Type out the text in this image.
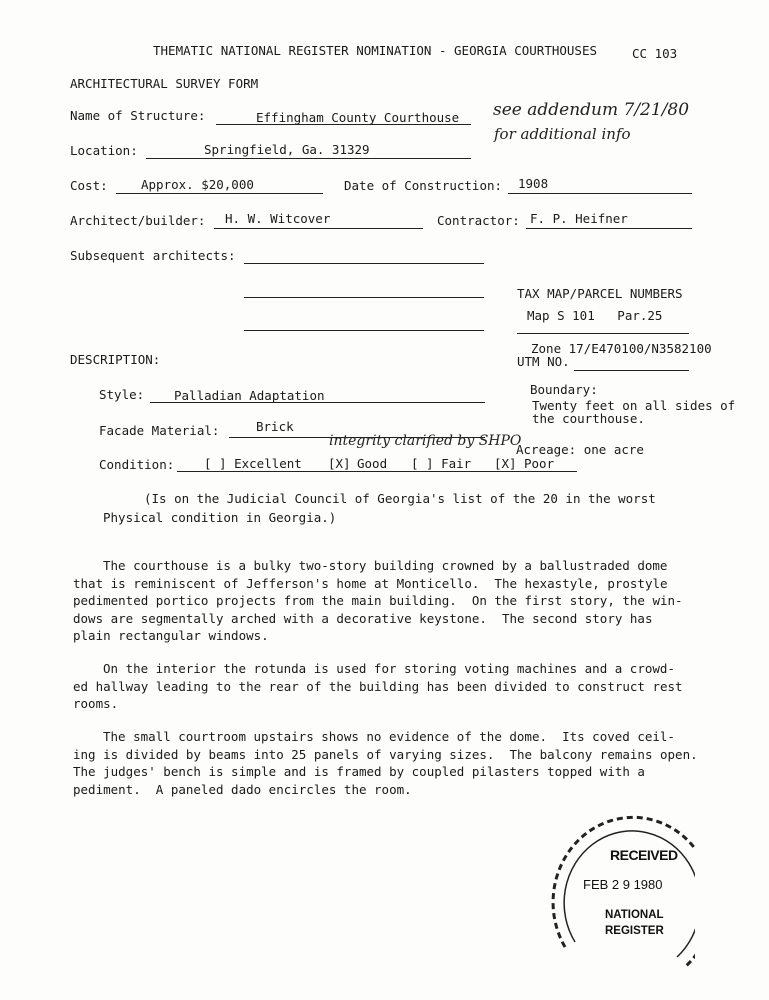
THEMATIC NATIONAL REGISTER NOMINATION - GEORGIA COURTHOUSES	CC 103
ARCHITECTURAL SURVEY FORM
Name of Structure:	Effingham County Courthouse see addendum 7/21/80
for additional info
Location:	Springfield, Ga. 31329
Cost:	Approx. $20,000	Date of Construction: 1908
Architect/builder: H. W. Witcover	Contractor: F. P. Heifner
Subsequent architects:
TAX MAP/PARCEL NUMBERS
Map S 101   Par.25
Zone 17/E470100/N3582100
UTM NO.
DESCRIPTION:
Boundary:
Twenty feet on all sides of
the courthouse.
Style: Palladian Adaptation
Facade Material:	Brick
integrity clarified by SHPO
Acreage: one acre
Condition: [ ] Excellent [X] Good [ ] Fair [X] Poor
(Is on the Judicial Council of Georgia's list of the 20 in the worst
Physical condition in Georgia.)
The courthouse is a bulky two-story building crowned by a ballustraded dome
that is reminiscent of Jefferson's home at Monticello.  The hexastyle, prostyle
pedimented portico projects from the main building.  On the first story, the win-
dows are segmentally arched with a decorative keystone.  The second story has
plain rectangular windows.
On the interior the rotunda is used for storing voting machines and a crowd-
ed hallway leading to the rear of the building has been divided to construct rest
rooms.
The small courtroom upstairs shows no evidence of the dome.  Its coved ceil-
ing is divided by beams into 25 panels of varying sizes.  The balcony remains open.
The judges' bench is simple and is framed by coupled pilasters topped with a
pediment.  A paneled dado encircles the room.
RECEIVED
FEB 2 9 1980
NATIONAL
REGISTER
